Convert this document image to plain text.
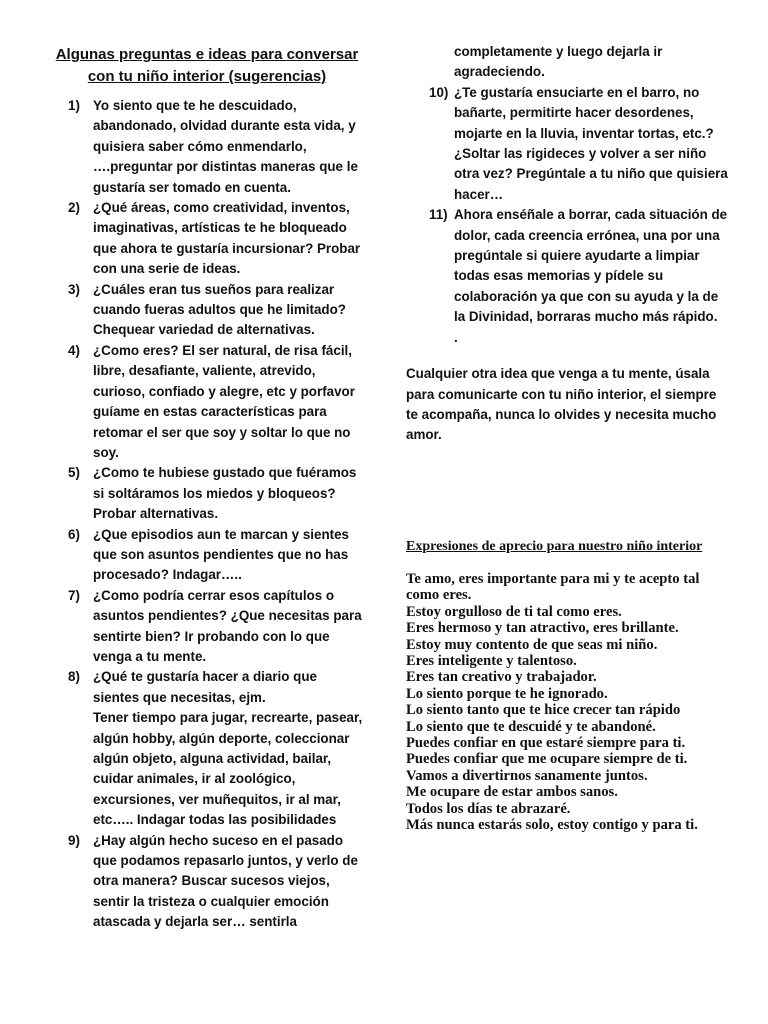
Algunas preguntas e ideas para conversar con tu niño interior (sugerencias)
1) Yo siento que te he descuidado, abandonado, olvidad durante esta vida, y quisiera saber cómo enmendarlo, ….preguntar por distintas maneras que le gustaría ser tomado en cuenta.
2) ¿Qué áreas, como creatividad, inventos, imaginativas, artísticas te he bloqueado que ahora te gustaría incursionar? Probar con una serie de ideas.
3) ¿Cuáles eran tus sueños para realizar cuando fueras adultos que he limitado? Chequear variedad de alternativas.
4) ¿Como eres? El ser natural, de risa fácil, libre, desafiante, valiente, atrevido, curioso, confiado y alegre, etc y porfavor guíame en estas características para retomar el ser que soy y soltar lo que no soy.
5) ¿Como te hubiese gustado que fuéramos si soltáramos los miedos y bloqueos? Probar alternativas.
6) ¿Que episodios aun te marcan y sientes que son asuntos pendientes que no has procesado? Indagar…..
7) ¿Como podría cerrar esos capítulos o asuntos pendientes? ¿Que necesitas para sentirte bien? Ir probando con lo que venga a tu mente.
8) ¿Qué te gustaría hacer a diario que sientes que necesitas, ejm.
Tener tiempo para jugar, recrearte, pasear, algún hobby, algún deporte, coleccionar algún objeto, alguna actividad, bailar, cuidar animales, ir al zoológico, excursiones, ver muñequitos, ir al mar, etc….. Indagar todas las posibilidades
9) ¿Hay algún hecho suceso en el pasado que podamos repasarlo juntos, y verlo de otra manera? Buscar sucesos viejos, sentir la tristeza o cualquier emoción atascada y dejarla ser… sentirla
completamente y luego dejarla ir agradeciendo.
10) ¿Te gustaría ensuciarte en el barro, no bañarte, permitirte hacer desordenes, mojarte en la lluvia, inventar tortas, etc.? ¿Soltar las rigideces y volver a ser niño otra vez? Pregúntale a tu niño que quisiera hacer…
11) Ahora enséñale a borrar, cada situación de dolor, cada creencia errónea, una por una pregúntale si quiere ayudarte a limpiar todas esas memorias y pídele su colaboración ya que con su ayuda y la de la Divinidad, borraras mucho más rápido.
.

Cualquier otra idea que venga a tu mente, úsala para comunicarte con tu niño interior, el siempre te acompaña, nunca lo olvides y necesita mucho amor.

Expresiones de aprecio para nuestro niño interior
Te amo, eres importante para mi y te acepto tal como eres.
Estoy orgulloso de ti tal como eres.
Eres hermoso y tan atractivo, eres brillante.
Estoy muy contento de que seas mi niño.
Eres inteligente y talentoso.
Eres tan creativo y trabajador.
Lo siento porque te he ignorado.
Lo siento tanto que te hice crecer tan rápido
Lo siento que te descuidé y te abandoné.
Puedes confiar en que estaré siempre para ti.
Puedes confiar que me ocupare siempre de ti.
Vamos a divertirnos sanamente juntos.
Me ocupare de estar ambos sanos.
Todos los días te abrazaré.
Más nunca estarás solo, estoy contigo y para ti.
